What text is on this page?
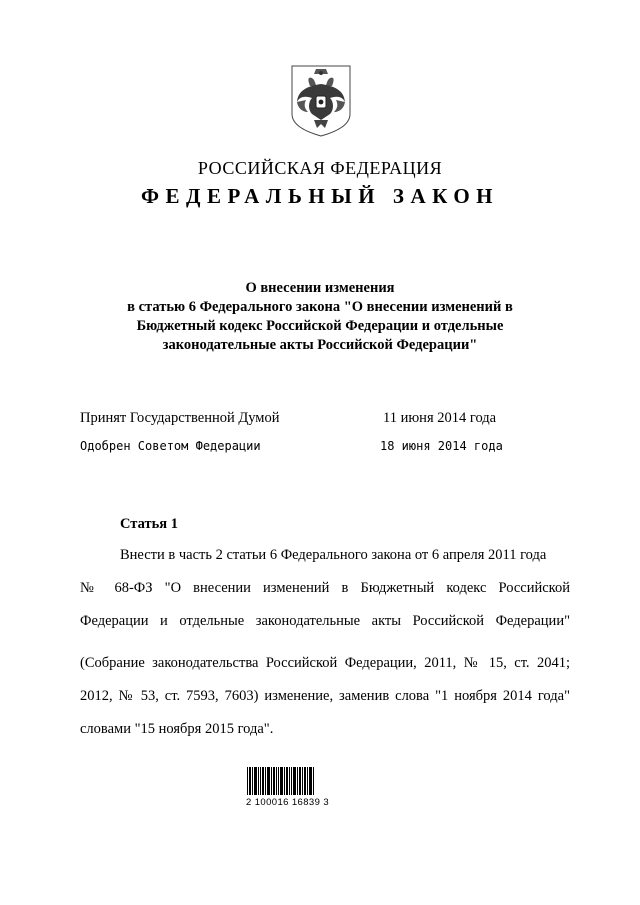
РОССИЙСКАЯ ФЕДЕРАЦИЯ
ФЕДЕРАЛЬНЫЙ ЗАКОН
О внесении изменения
в статью 6 Федерального закона "О внесении изменений в
Бюджетный кодекс Российской Федерации и отдельные
законодательные акты Российской Федерации"
Принят Государственной Думой	11 июня 2014 года
Одобрен Советом Федерации	18 июня 2014 года
Статья 1
Внести в часть 2 статьи 6 Федерального закона от 6 апреля 2011 года
№ 68-ФЗ "О внесении изменений в Бюджетный кодекс Российской
Федерации и отдельные законодательные акты Российской Федерации"
(Собрание законодательства Российской Федерации, 2011, № 15, ст. 2041;
2012, № 53, ст. 7593, 7603) изменение, заменив слова "1 ноября 2014 года"
словами "15 ноября 2015 года".
2 100016 16839 3
